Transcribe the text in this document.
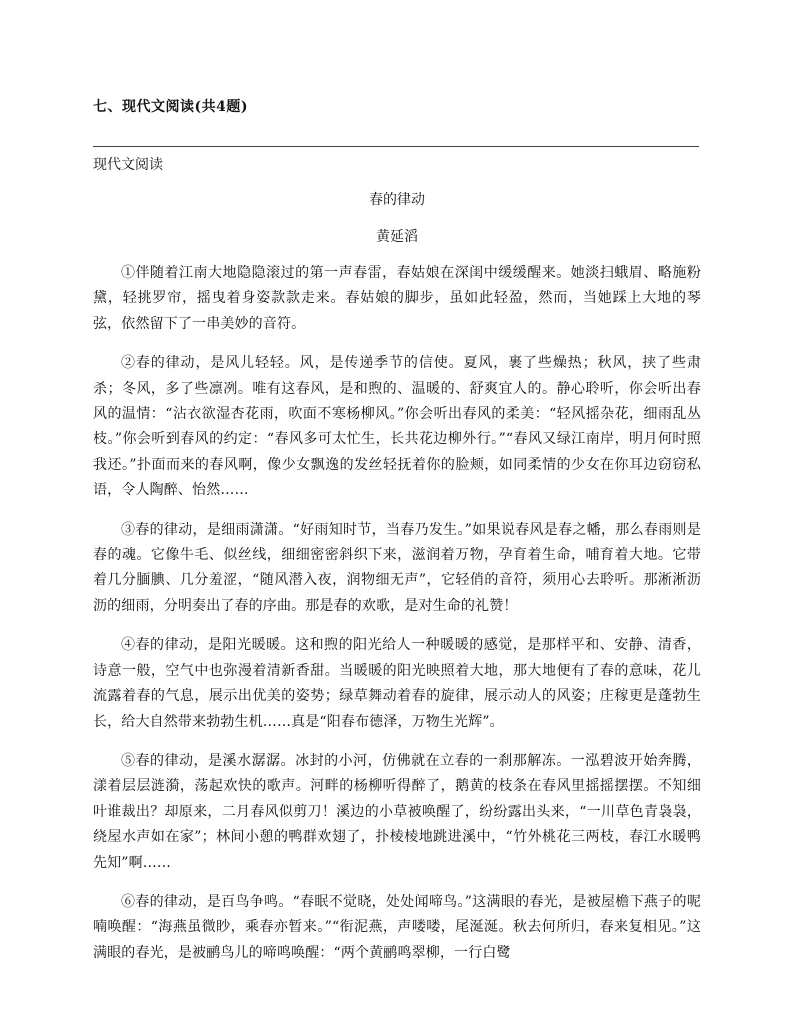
七、现代文阅读(共4题)
现代文阅读
春的律动
黄延滔

①伴随着江南大地隐隐滚过的第一声春雷，春姑娘在深闺中缓缓醒来。她淡扫蛾眉、略施粉黛，轻挑罗帘，摇曳着身姿款款走来。春姑娘的脚步，虽如此轻盈，然而，当她踩上大地的琴弦，依然留下了一串美妙的音符。

②春的律动，是风儿轻轻。风，是传递季节的信使。夏风，裹了些燥热；秋风，挟了些肃杀；冬风，多了些凛冽。唯有这春风，是和煦的、温暖的、舒爽宜人的。静心聆听，你会听出春风的温情：“沾衣欲湿杏花雨，吹面不寒杨柳风。”你会听出春风的柔美：“轻风摇杂花，细雨乱丛枝。”你会听到春风的约定：“春风多可太忙生，长共花边柳外行。”“春风又绿江南岸，明月何时照我还。”扑面而来的春风啊，像少女飘逸的发丝轻抚着你的脸颊，如同柔情的少女在你耳边窃窃私语，令人陶醉、怡然……

③春的律动，是细雨潇潇。“好雨知时节，当春乃发生。”如果说春风是春之幡，那么春雨则是春的魂。它像牛毛、似丝线，细细密密斜织下来，滋润着万物，孕育着生命，哺育着大地。它带着几分腼腆、几分羞涩，“随风潜入夜，润物细无声”，它轻俏的音符，须用心去聆听。那淅淅沥沥的细雨，分明奏出了春的序曲。那是春的欢歌，是对生命的礼赞！

④春的律动，是阳光暖暖。这和煦的阳光给人一种暖暖的感觉，是那样平和、安静、清香，诗意一般，空气中也弥漫着清新香甜。当暖暖的阳光映照着大地，那大地便有了春的意味，花儿流露着春的气息，展示出优美的姿势；绿草舞动着春的旋律，展示动人的风姿；庄稼更是蓬勃生长，给大自然带来勃勃生机……真是“阳春布德泽，万物生光辉”。

⑤春的律动，是溪水潺潺。冰封的小河，仿佛就在立春的一刹那解冻。一泓碧波开始奔腾，漾着层层涟漪，荡起欢快的歌声。河畔的杨柳听得醉了，鹅黄的枝条在春风里摇摇摆摆。不知细叶谁裁出？却原来，二月春风似剪刀！溪边的小草被唤醒了，纷纷露出头来，“一川草色青袅袅，绕屋水声如在家”；林间小憩的鸭群欢翅了，扑棱棱地跳进溪中，“竹外桃花三两枝，春江水暖鸭先知”啊……

⑥春的律动，是百鸟争鸣。“春眠不觉晓，处处闻啼鸟。”这满眼的春光，是被屋檐下燕子的呢喃唤醒：“海燕虽微眇，乘春亦暂来。”“衔泥燕，声喽喽，尾涎涎。秋去何所归，春来复相见。”这满眼的春光，是被鹂鸟儿的啼鸣唤醒：“两个黄鹂鸣翠柳，一行白鹭
